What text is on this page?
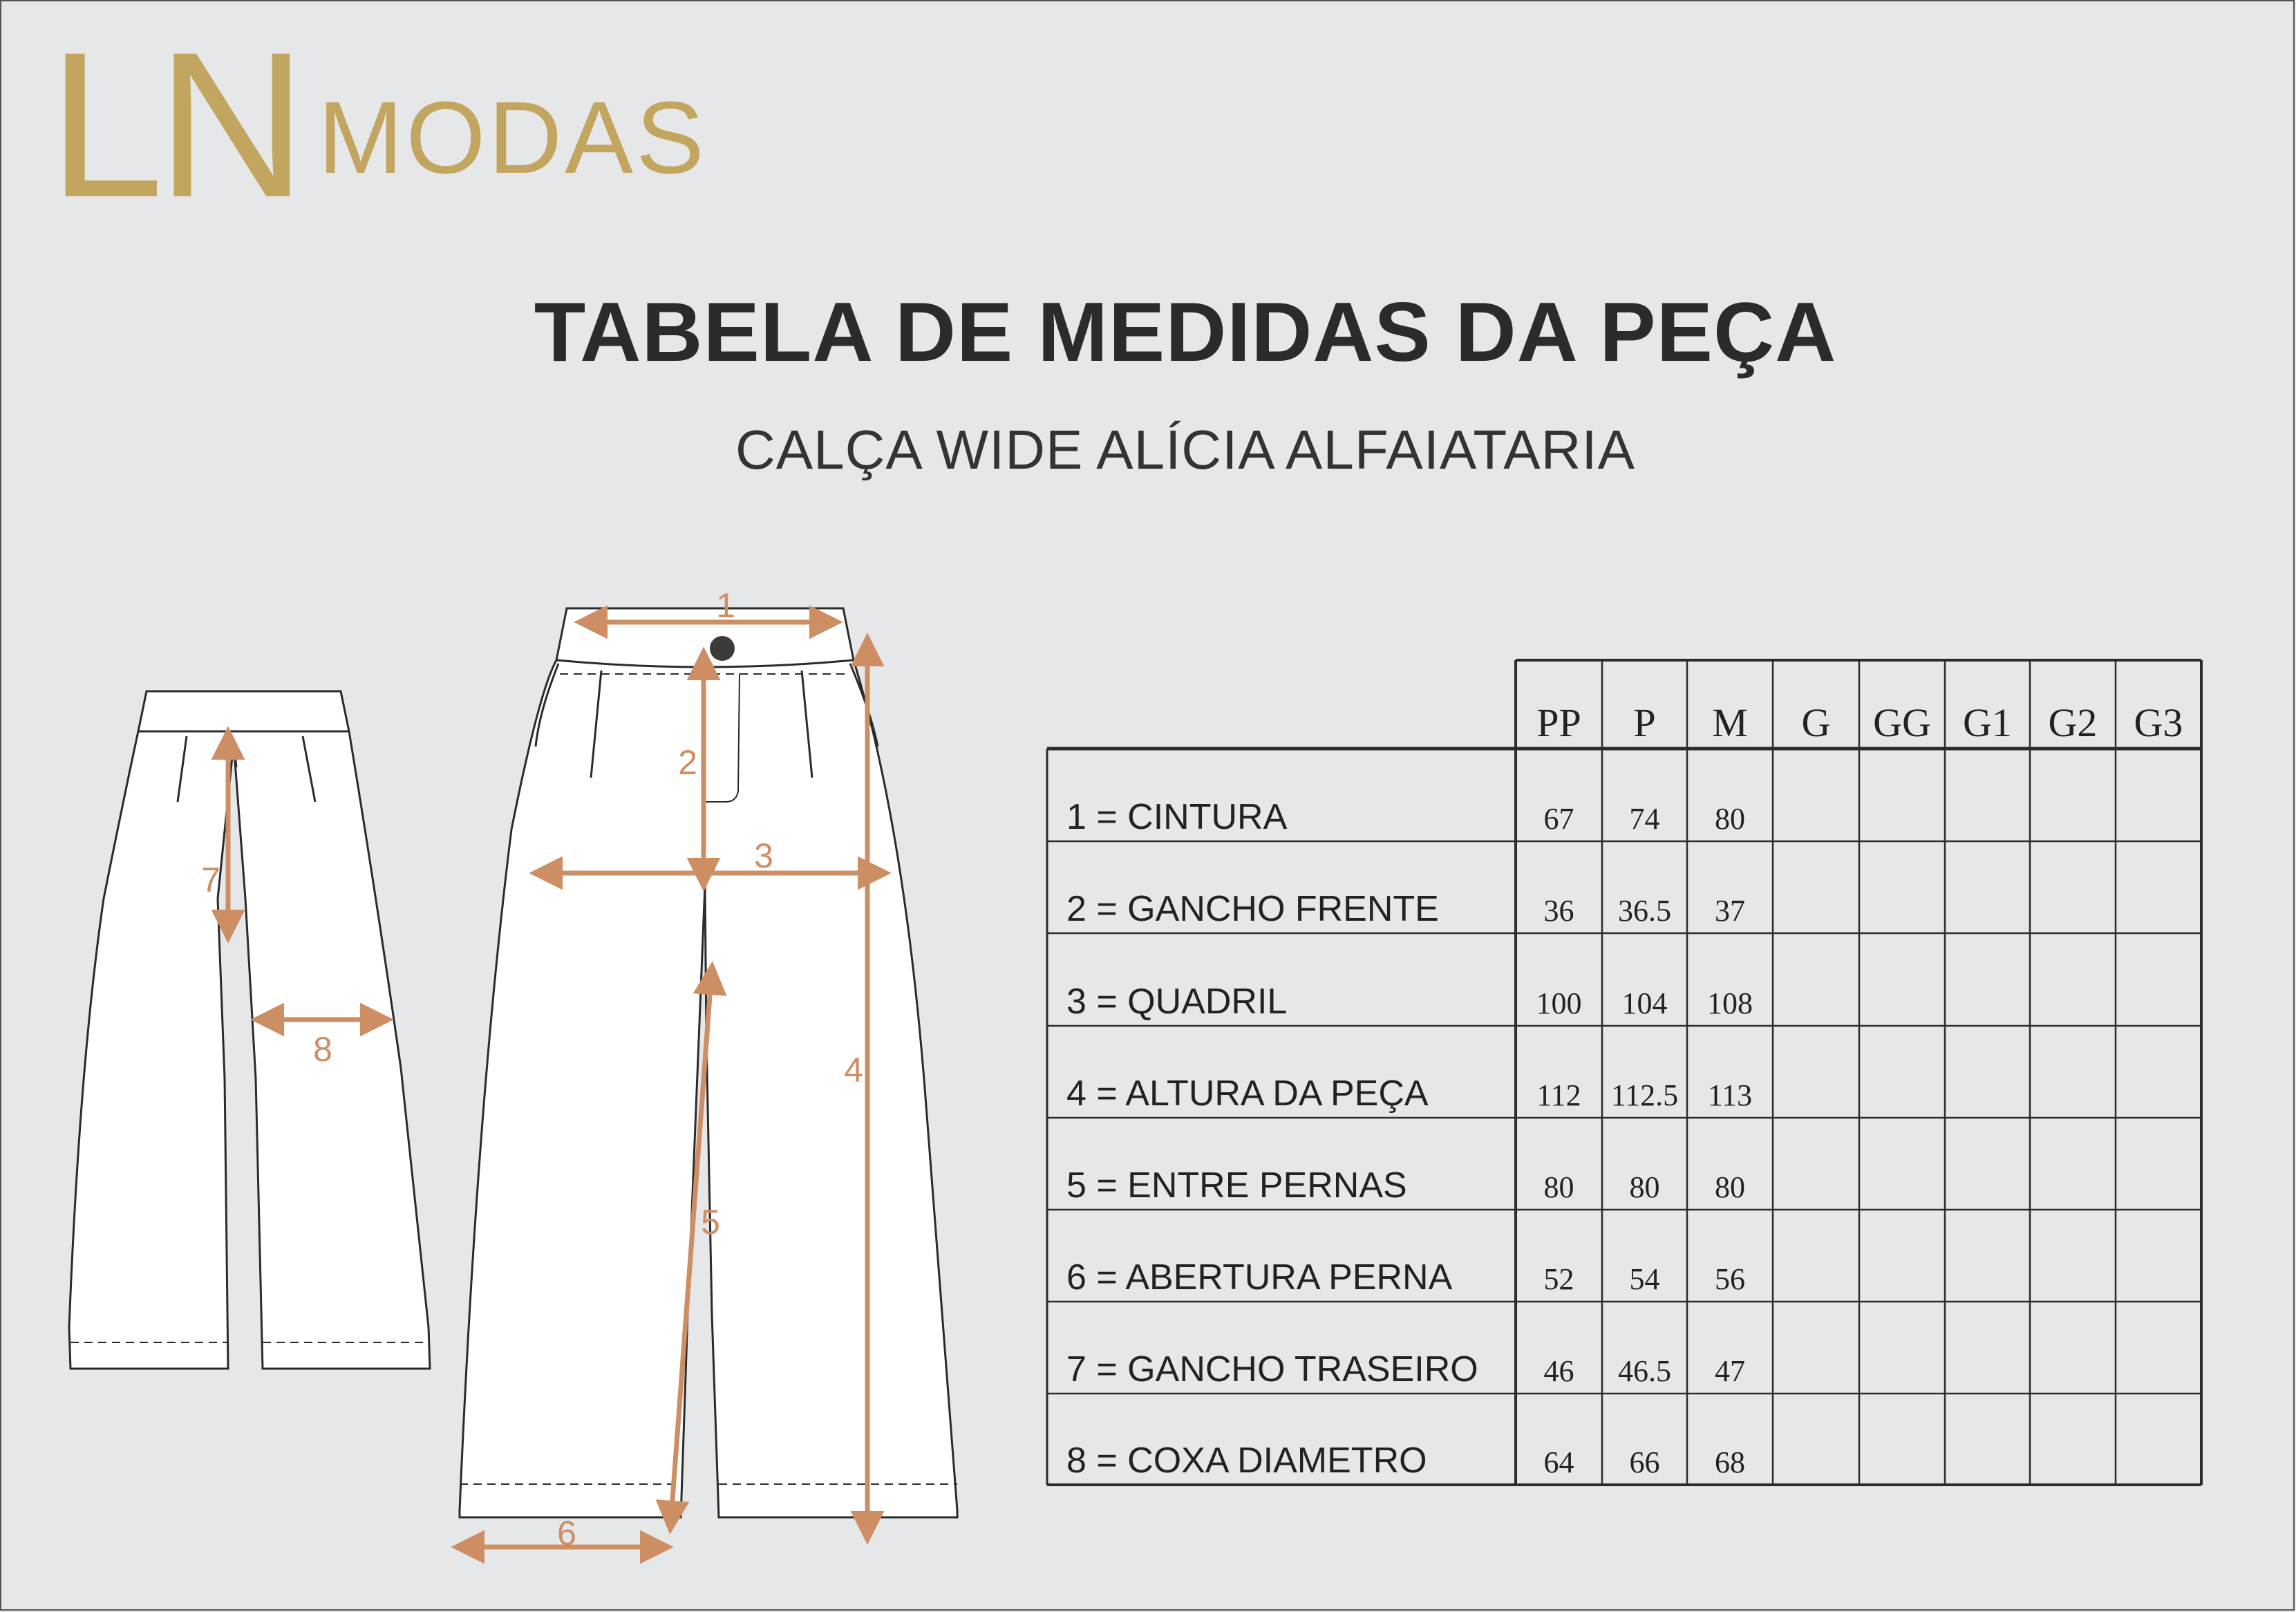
LN MODAS
TABELA DE MEDIDAS DA PEÇA
CALÇA WIDE ALÍCIA ALFAIATARIA
1
2
3
4
5
6
7
8
PP P M G GG G1 G2 G3
1 = CINTURA	67 74 80
2 = GANCHO FRENTE	36 36.5 37
3 = QUADRIL	100 104 108
4 = ALTURA DA PEÇA	112 112.5 113
5 = ENTRE PERNAS	80 80 80
6 = ABERTURA PERNA	52 54 56
7 = GANCHO TRASEIRO 46 46.5 47
8 = COXA DIAMETRO	64 66 68
